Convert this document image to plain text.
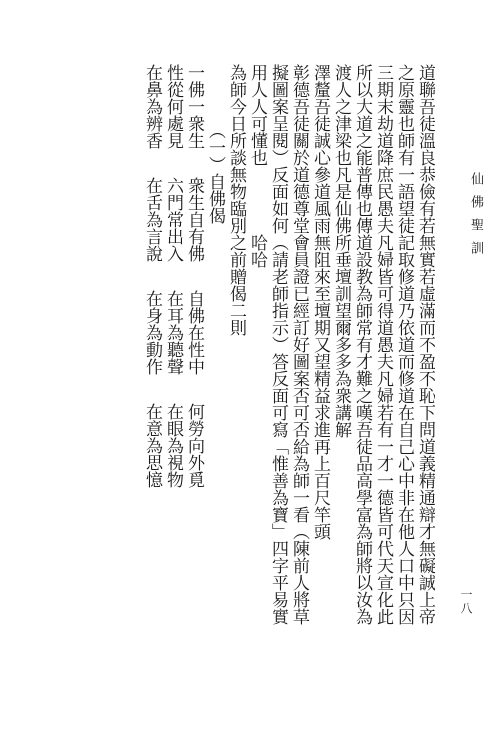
仙佛聖訓
一八
道聯吾徒溫良恭儉有若無實若虛滿而不盈不恥下問道義精通辯才無礙誠上帝
之原靈也師有一語望徒記取修道乃依道而修道在自己心中非在他人口中只因
三期末劫道降庶民愚夫凡婦皆可得道愚夫凡婦若有一才一德皆可代天宣化此
所以大道之能普傳也傳道設教為師常有才難之嘆吾徒品高學富為師將以汝為
渡人之津梁也凡是仙佛所垂壇訓望爾多多為衆講解
澤釐吾徒誠心參道風雨無阻來至壇期又望精益求進再上百尺竿頭
彰德吾徒關於道德尊堂會員證已經訂好圖案否可否給為師一看（陳前人將草
擬圖案呈閱）反面如何（請老師指示）答反面可寫「惟善為寶」四字平易實
用人人可懂也　　　　哈哈
為師今日所談無物臨別之前贈偈二則
（一）自佛偈
一佛一衆生衆生自有佛自佛在性中何勞向外覓
性從何處見六門常出入在耳為聽聲在眼為視物
在鼻為辨香在舌為言說在身為動作在意為思憶
